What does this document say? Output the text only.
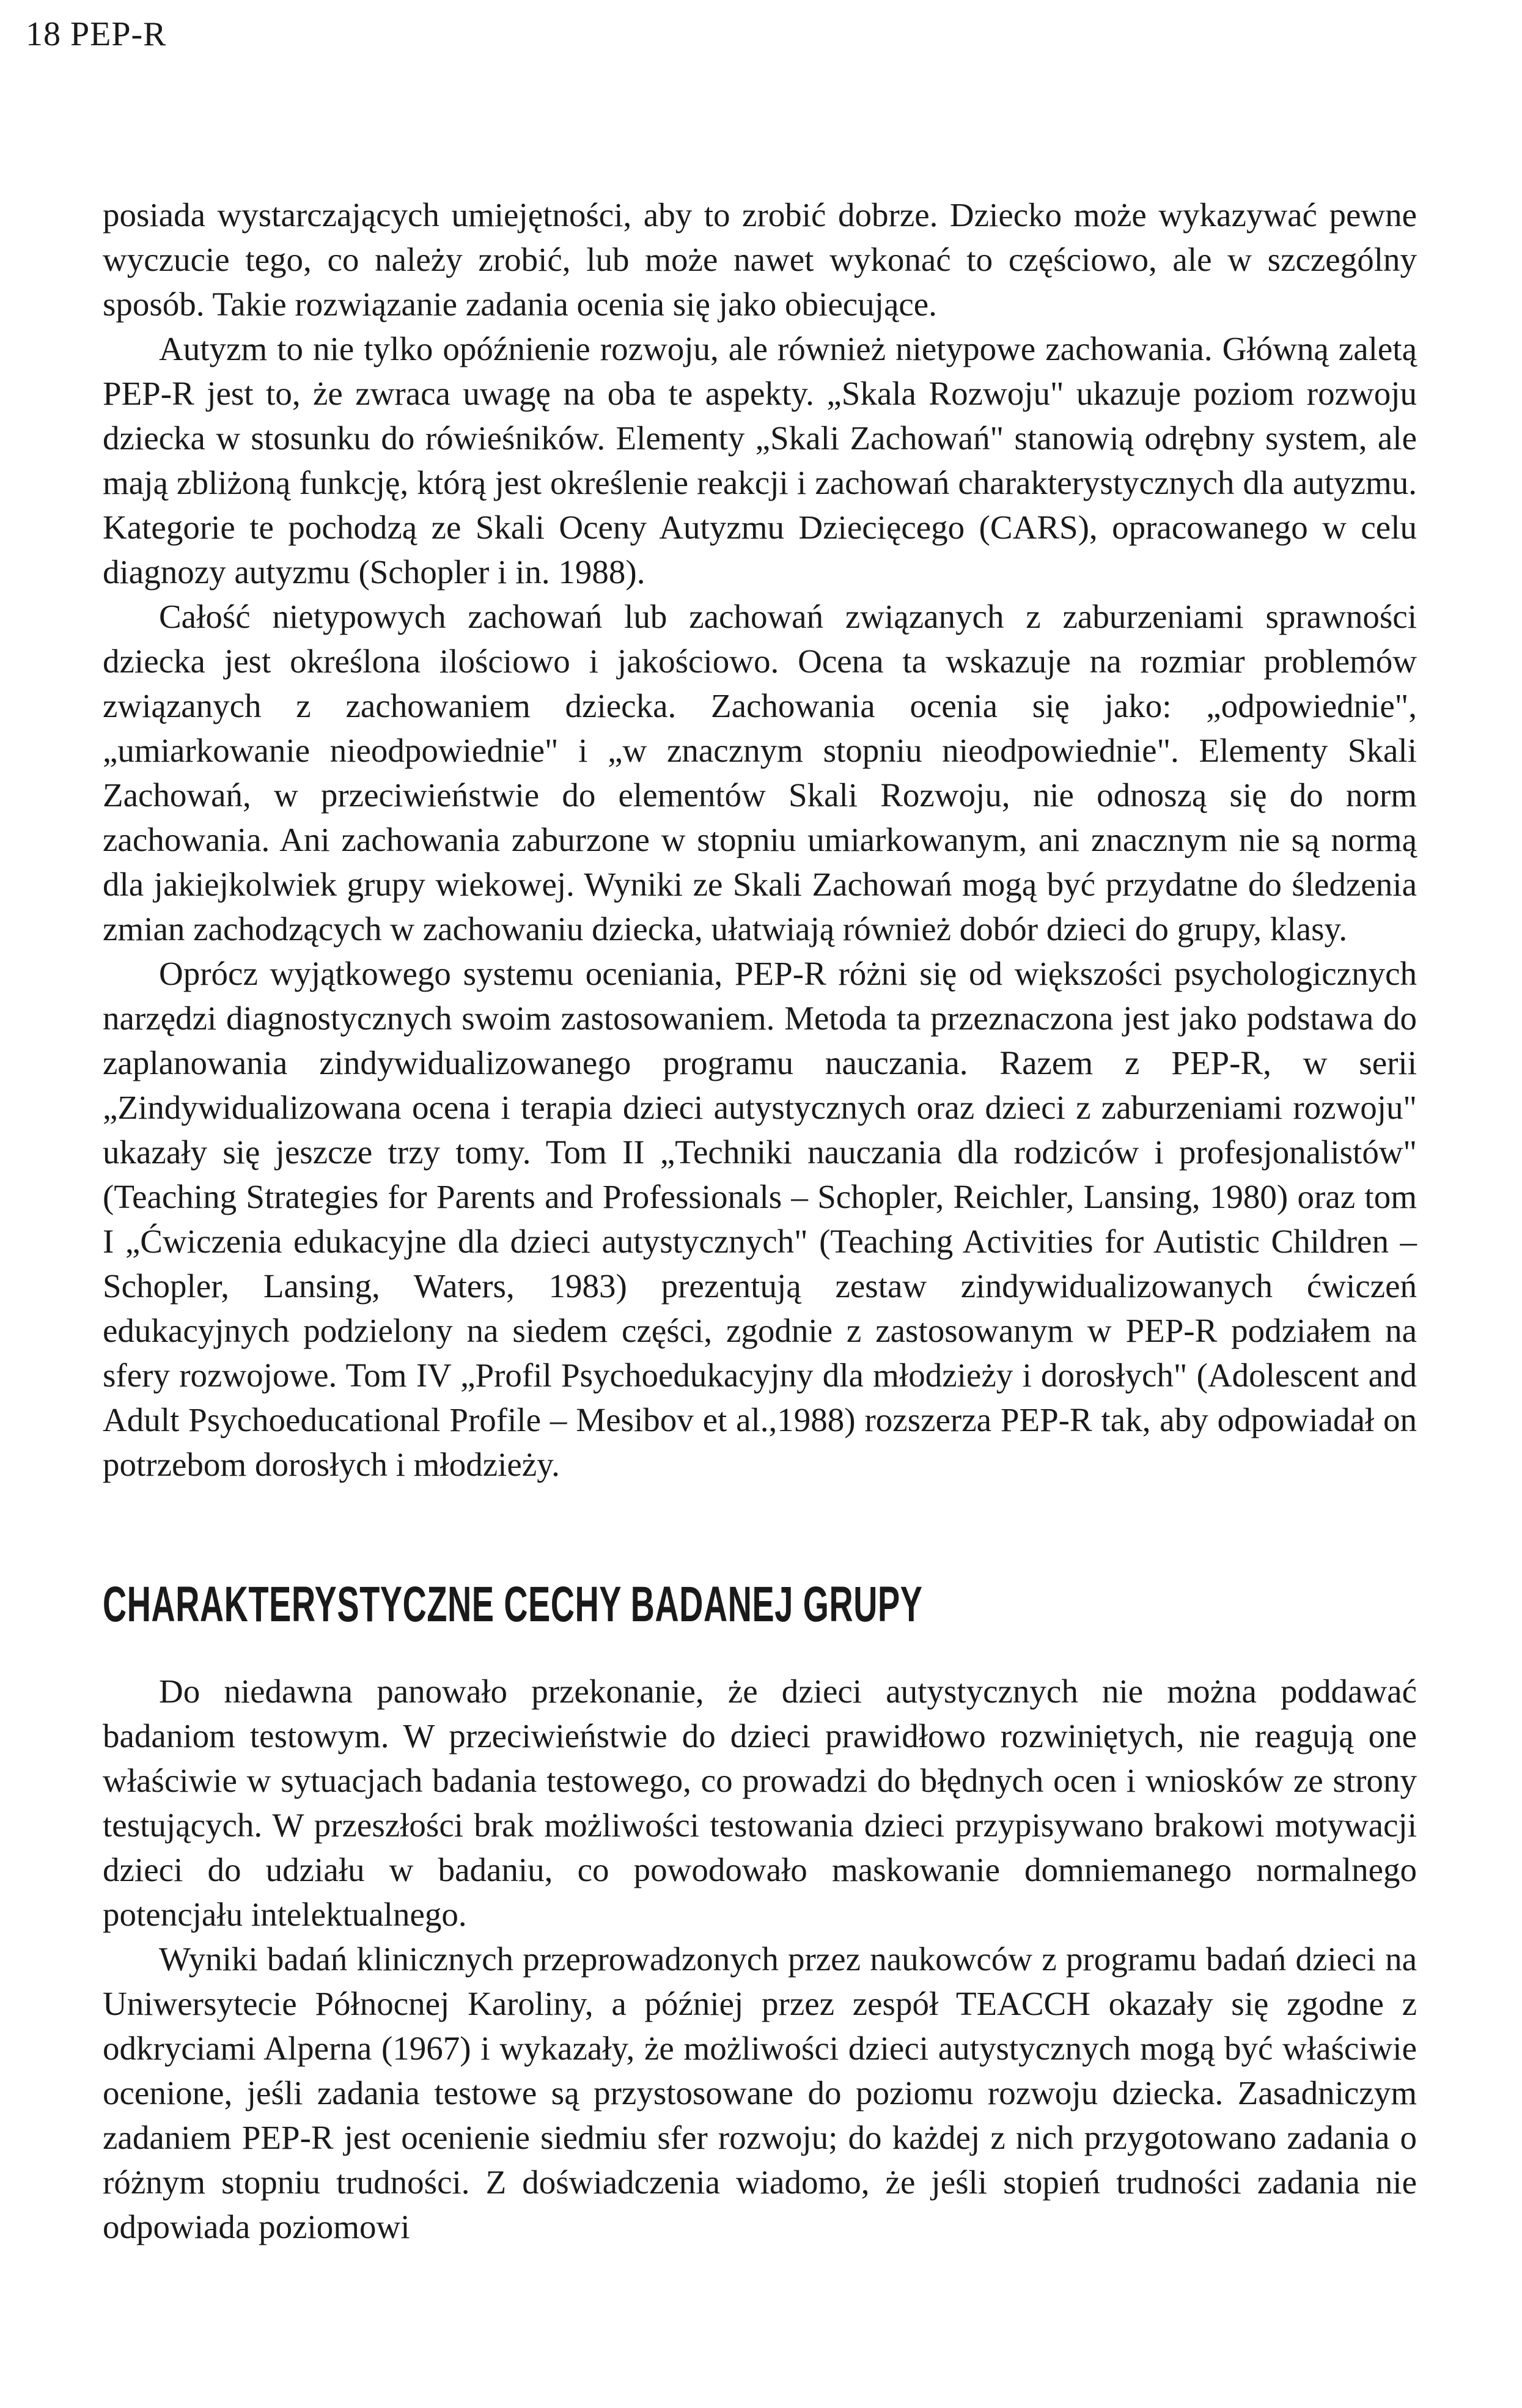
18 PEP-R

posiada wystarczających umiejętności, aby to zrobić dobrze. Dziecko może wykazywać pewne wyczucie tego, co należy zrobić, lub może nawet wykonać to częściowo, ale w szczególny sposób. Takie rozwiązanie zadania ocenia się jako obiecujące.

Autyzm to nie tylko opóźnienie rozwoju, ale również nietypowe zachowania. Główną zaletą PEP-R jest to, że zwraca uwagę na oba te aspekty. „Skala Rozwoju" ukazuje poziom rozwoju dziecka w stosunku do rówieśników. Elementy „Skali Zachowań" stanowią odrębny system, ale mają zbliżoną funkcję, którą jest określenie reakcji i zachowań charakterystycznych dla autyzmu. Kategorie te pochodzą ze Skali Oceny Autyzmu Dziecięcego (CARS), opracowanego w celu diagnozy autyzmu (Schopler i in. 1988).

Całość nietypowych zachowań lub zachowań związanych z zaburzeniami sprawności dziecka jest określona ilościowo i jakościowo. Ocena ta wskazuje na rozmiar problemów związanych z zachowaniem dziecka. Zachowania ocenia się jako: „odpowiednie", „umiarkowanie nieodpowiednie" i „w znacznym stopniu nieodpowiednie". Elementy Skali Zachowań, w przeciwieństwie do elementów Skali Rozwoju, nie odnoszą się do norm zachowania. Ani zachowania zaburzone w stopniu umiarkowanym, ani znacznym nie są normą dla jakiejkolwiek grupy wiekowej. Wyniki ze Skali Zachowań mogą być przydatne do śledzenia zmian zachodzących w zachowaniu dziecka, ułatwiają również dobór dzieci do grupy, klasy.

Oprócz wyjątkowego systemu oceniania, PEP-R różni się od większości psychologicznych narzędzi diagnostycznych swoim zastosowaniem. Metoda ta przeznaczona jest jako podstawa do zaplanowania zindywidualizowanego programu nauczania. Razem z PEP-R, w serii „Zindywidualizowana ocena i terapia dzieci autystycznych oraz dzieci z zaburzeniami rozwoju" ukazały się jeszcze trzy tomy. Tom II „Techniki nauczania dla rodziców i profesjonalistów" (Teaching Strategies for Parents and Professionals – Schopler, Reichler, Lansing, 1980) oraz tom I „Ćwiczenia edukacyjne dla dzieci autystycznych" (Teaching Activities for Autistic Children – Schopler, Lansing, Waters, 1983) prezentują zestaw zindywidualizowanych ćwiczeń edukacyjnych podzielony na siedem części, zgodnie z zastosowanym w PEP-R podziałem na sfery rozwojowe. Tom IV „Profil Psychoedukacyjny dla młodzieży i dorosłych" (Adolescent and Adult Psychoeducational Profile – Mesibov et al.,1988) rozszerza PEP-R tak, aby odpowiadał on potrzebom dorosłych i młodzieży.

CHARAKTERYSTYCZNE CECHY BADANEJ GRUPY

Do niedawna panowało przekonanie, że dzieci autystycznych nie można poddawać badaniom testowym. W przeciwieństwie do dzieci prawidłowo rozwiniętych, nie reagują one właściwie w sytuacjach badania testowego, co prowadzi do błędnych ocen i wniosków ze strony testujących. W przeszłości brak możliwości testowania dzieci przypisywano brakowi motywacji dzieci do udziału w badaniu, co powodowało maskowanie domniemanego normalnego potencjału intelektualnego.

Wyniki badań klinicznych przeprowadzonych przez naukowców z programu badań dzieci na Uniwersytecie Północnej Karoliny, a później przez zespół TEACCH okazały się zgodne z odkryciami Alperna (1967) i wykazały, że możliwości dzieci autystycznych mogą być właściwie ocenione, jeśli zadania testowe są przystosowane do poziomu rozwoju dziecka. Zasadniczym zadaniem PEP-R jest ocenienie siedmiu sfer rozwoju; do każdej z nich przygotowano zadania o różnym stopniu trudności. Z doświadczenia wiadomo, że jeśli stopień trudności zadania nie odpowiada poziomowi
